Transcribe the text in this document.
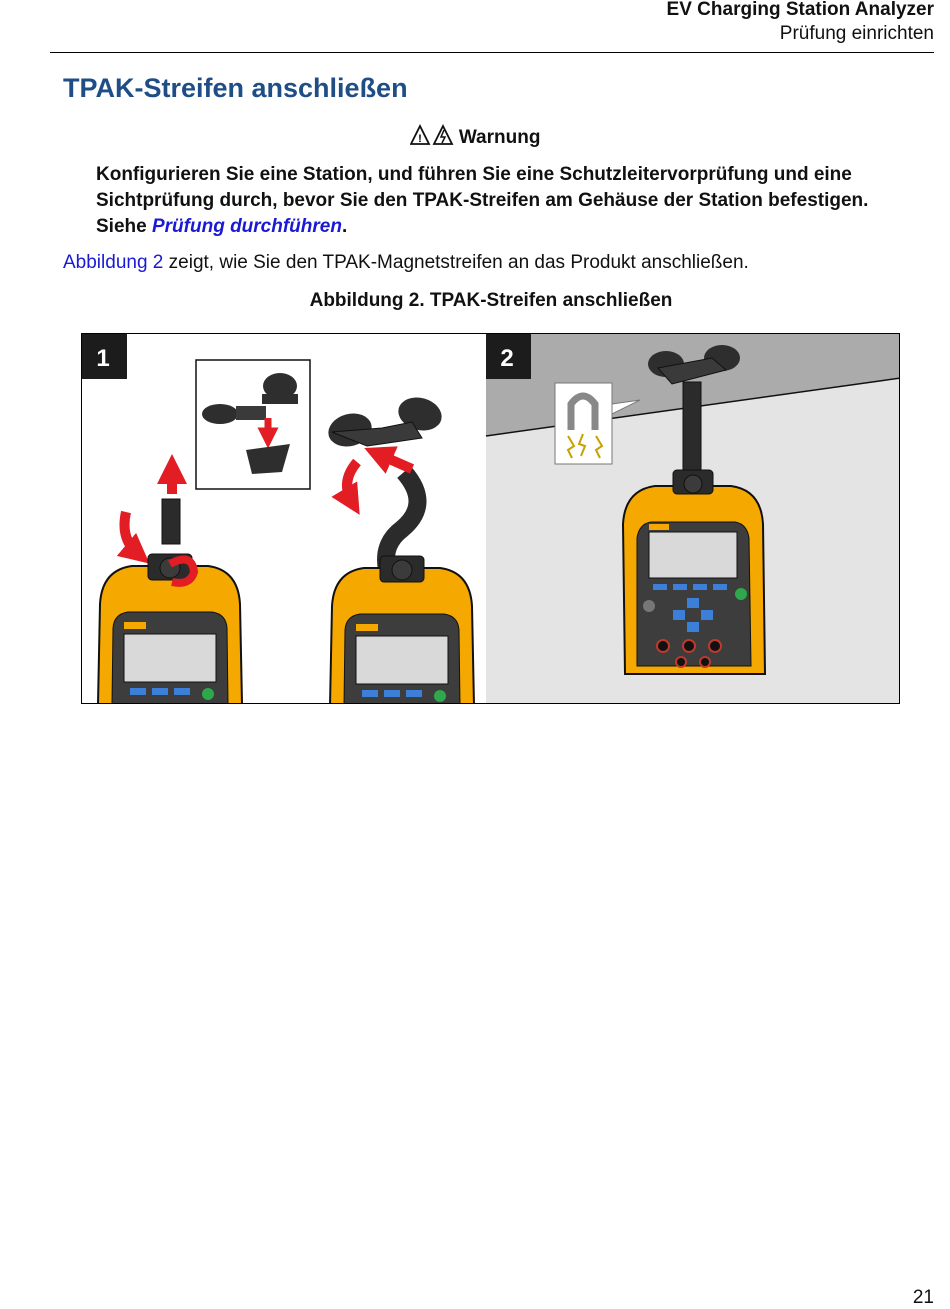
EV Charging Station Analyzer
Prüfung einrichten
TPAK-Streifen anschließen
! Warnung
Konfigurieren Sie eine Station, und führen Sie eine Schutzleitervorprüfung und eine Sichtprüfung durch, bevor Sie den TPAK-Streifen am Gehäuse der Station befestigen. Siehe Prüfung durchführen.
Abbildung 2 zeigt, wie Sie den TPAK-Magnetstreifen an das Produkt anschließen.
Abbildung 2. TPAK-Streifen anschließen
1	2
21
